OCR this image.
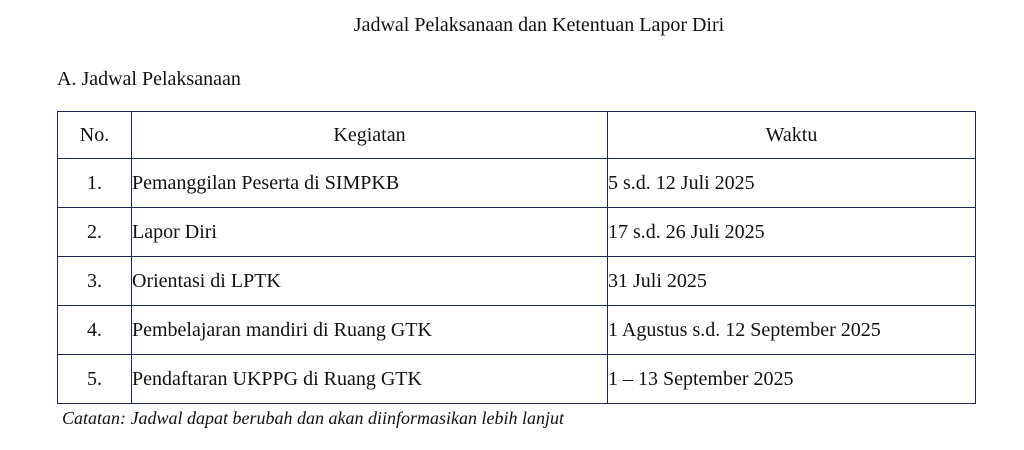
Jadwal Pelaksanaan dan Ketentuan Lapor Diri
A. Jadwal Pelaksanaan
No.	Kegiatan	Waktu
1.	Pemanggilan Peserta di SIMPKB	5 s.d. 12 Juli 2025
2.	Lapor Diri	17 s.d. 26 Juli 2025
3.	Orientasi di LPTK	31 Juli 2025
4.	Pembelajaran mandiri di Ruang GTK	1 Agustus s.d. 12 September 2025
5.	Pendaftaran UKPPG di Ruang GTK	1 – 13 September 2025
Catatan: Jadwal dapat berubah dan akan diinformasikan lebih lanjut
